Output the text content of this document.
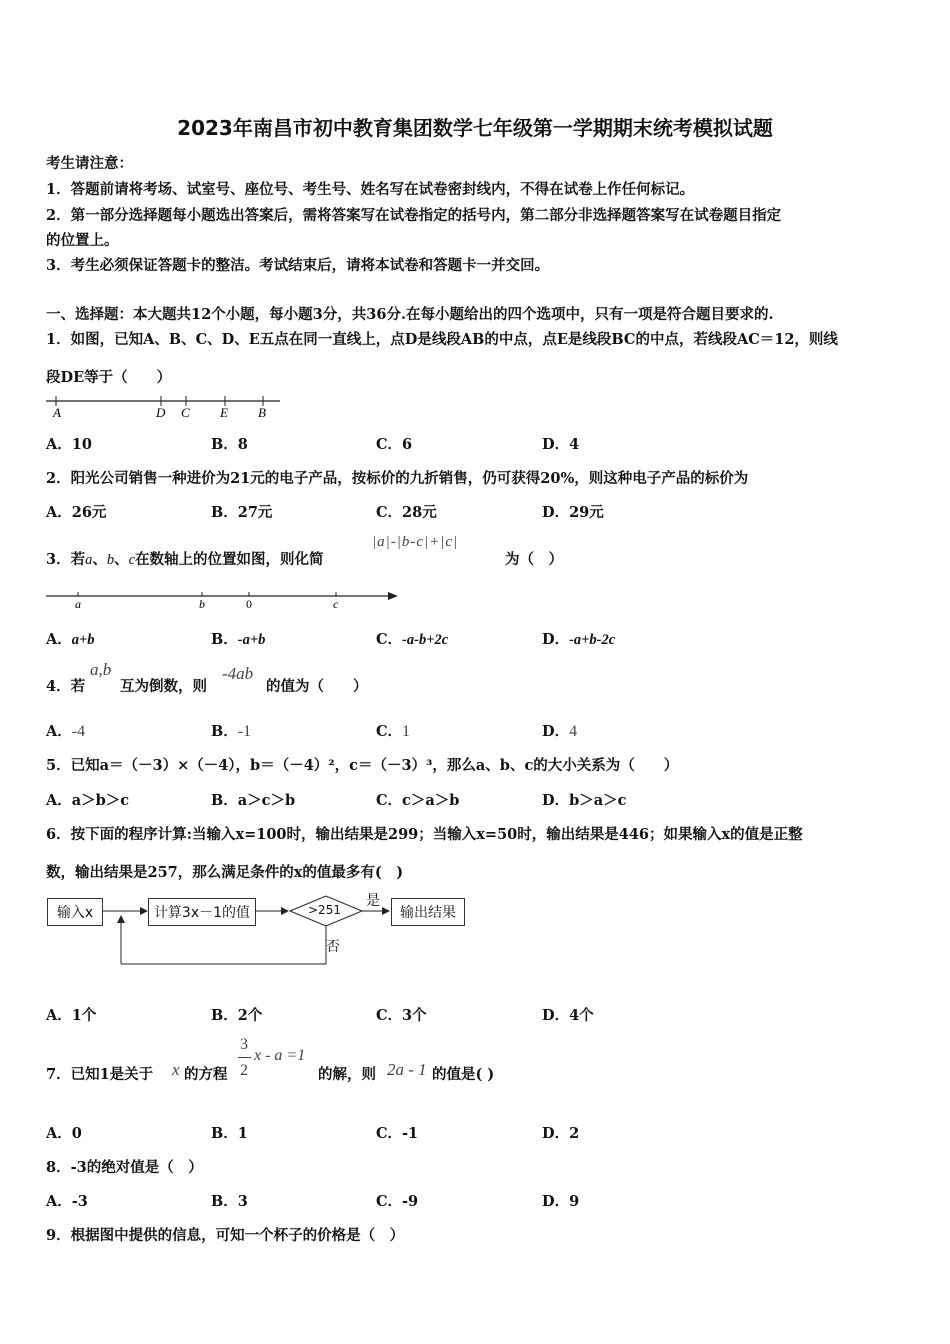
2023年南昌市初中教育集团数学七年级第一学期期末统考模拟试题
考生请注意：
1．答题前请将考场、试室号、座位号、考生号、姓名写在试卷密封线内，不得在试卷上作任何标记。
2．第一部分选择题每小题选出答案后，需将答案写在试卷指定的括号内，第二部分非选择题答案写在试卷题目指定
的位置上。
3．考生必须保证答题卡的整洁。考试结束后，请将本试卷和答题卡一并交回。
一、选择题：本大题共12个小题，每小题3分，共36分.在每小题给出的四个选项中，只有一项是符合题目要求的.
1．如图，已知A、B、C、D、E五点在同一直线上，点D是线段AB的中点，点E是线段BC的中点，若线段AC＝12，则线
段DE等于（　　）
A	D C E B
A．10	B．8	C．6	D．4
2．阳光公司销售一种进价为21元的电子产品，按标价的九折销售，仍可获得20%，则这种电子产品的标价为
A．26元	B．27元	C．28元	D．29元
3．若a、b、c在数轴上的位置如图，则化简
|a|-|b-c|+|c|
为（　）
a	b	0	c
A．a+b	B．-a+b	C．-a-b+2c	D．-a+b-2c
4．若
a,b
互为倒数，则
-4ab
的值为（　　）
A．-4	B．-1	C．1	D．4
5．已知a＝（－3）×（－4），b＝（－4）²，c＝（－3）³，那么a、b、c的大小关系为（　　）
A．a＞b＞c	B．a＞c＞b	C．c＞a＞b	D．b＞a＞c
6．按下面的程序计算:当输入x=100时，输出结果是299；当输入x=50时，输出结果是446；如果输入x的值是正整
数，输出结果是257，那么满足条件的x的值最多有(　)
输入x	计算3x－1的值	>251
是
否
输出结果
A．1个	B．2个	C．3个	D．4个
7．已知1是关于 x 的方程
3
2
x - a =1
的解，则 2a - 1 的值是( )
A．0	B．1	C．-1	D．2
8．-3的绝对值是（　）
A．-3	B．3	C．-9	D．9
9．根据图中提供的信息，可知一个杯子的价格是（　）
